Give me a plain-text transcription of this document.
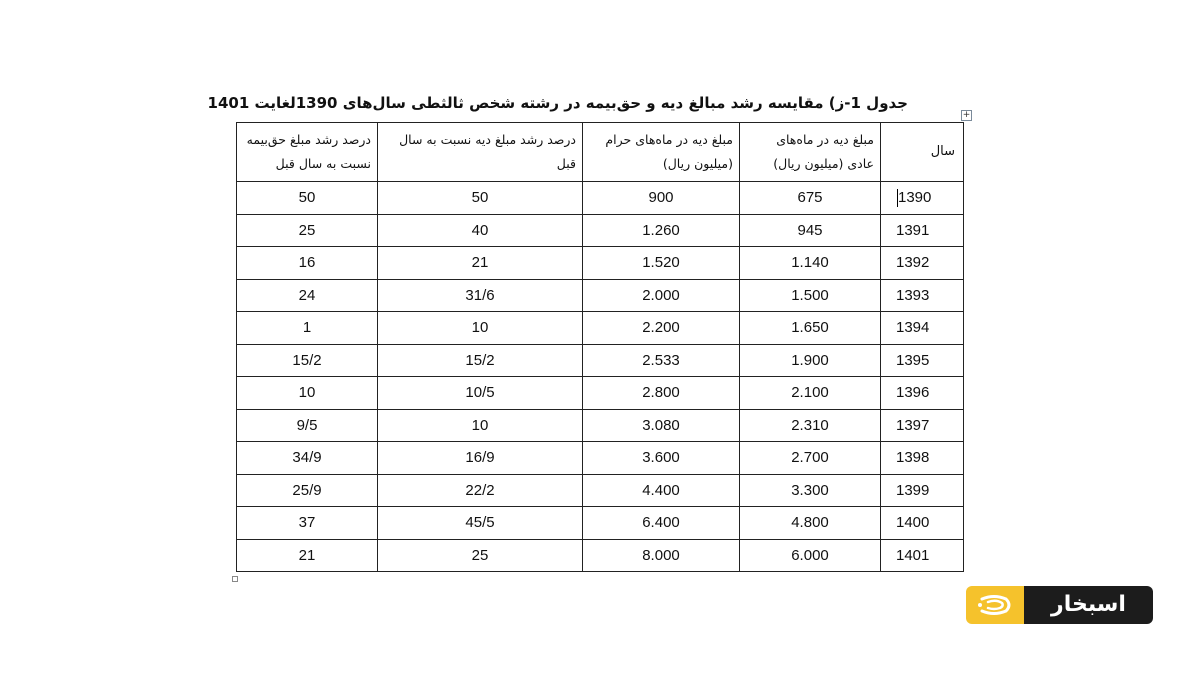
جدول 1-ز) مقایسه رشد مبالغ دیه و حق‌بیمه در رشته شخص ثالثطی سال‌های 1390لغایت 1401
+
سال	مبلغ دیه در ماه‌های عادی (میلیون ریال)	مبلغ دیه در ماه‌های حرام (میلیون ریال)	درصد رشد مبلغ دیه نسبت به سال قبل	درصد رشد مبلغ حق‌بیمه نسبت به سال قبل
1390	675	900	50	50
1391	945	1.260	40	25
1392	1.140	1.520	21	16
1393	1.500	2.000	31/6	24
1394	1.650	2.200	10	1
1395	1.900	2.533	15/2	15/2
1396	2.100	2.800	10/5	10
1397	2.310	3.080	10	9/5
1398	2.700	3.600	16/9	34/9
1399	3.300	4.400	22/2	25/9
1400	4.800	6.400	45/5	37
1401	6.000	8.000	25	21
اسبخار
